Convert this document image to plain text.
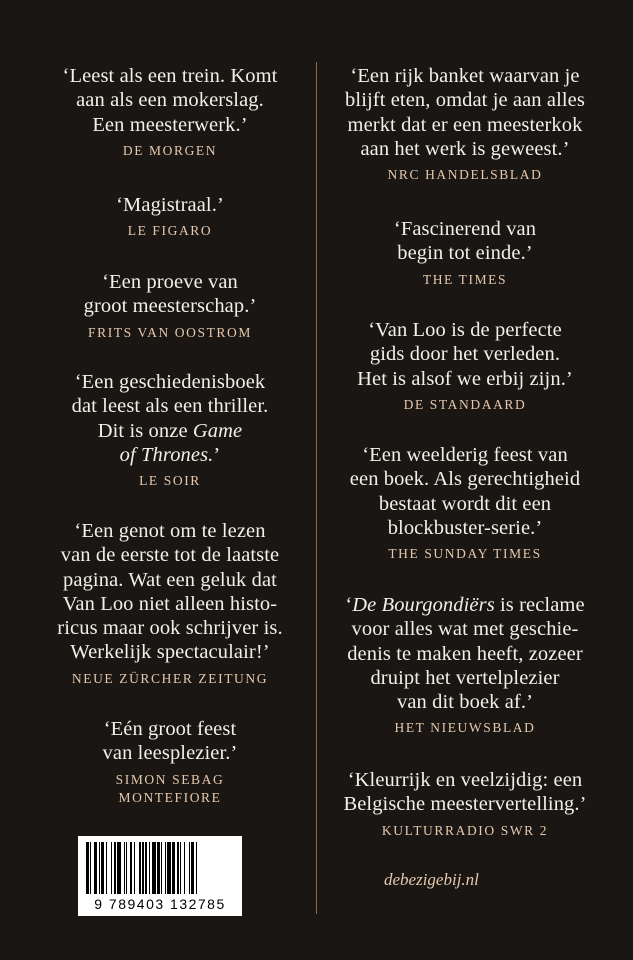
‘Leest als een trein. Komt
aan als een mokerslag.
Een meesterwerk.’
DE MORGEN
‘Magistraal.’
LE FIGARO
‘Een proeve van
groot meesterschap.’
FRITS VAN OOSTROM
‘Een geschiedenisboek
dat leest als een thriller.
Dit is onze Game
of Thrones.’
LE SOIR
‘Een genot om te lezen
van de eerste tot de laatste
pagina. Wat een geluk dat
Van Loo niet alleen histo-
ricus maar ook schrijver is.
Werkelijk spectaculair!’
NEUE ZÜRCHER ZEITUNG
‘Eén groot feest
van leesplezier.’
SIMON SEBAG
MONTEFIORE
‘Een rijk banket waarvan je
blijft eten, omdat je aan alles
merkt dat er een meesterkok
aan het werk is geweest.’
NRC HANDELSBLAD
‘Fascinerend van
begin tot einde.’
THE TIMES
‘Van Loo is de perfecte
gids door het verleden.
Het is alsof we erbij zijn.’
DE STANDAARD
‘Een weelderig feest van
een boek. Als gerechtigheid
bestaat wordt dit een
blockbuster-serie.’
THE SUNDAY TIMES
‘De Bourgondiërs is reclame
voor alles wat met geschie-
denis te maken heeft, zozeer
druipt het vertelplezier
van dit boek af.’
HET NIEUWSBLAD
‘Kleurrijk en veelzijdig: een
Belgische meestervertelling.’
KULTURRADIO SWR 2
9 789403 132785
debezigebij.nl
